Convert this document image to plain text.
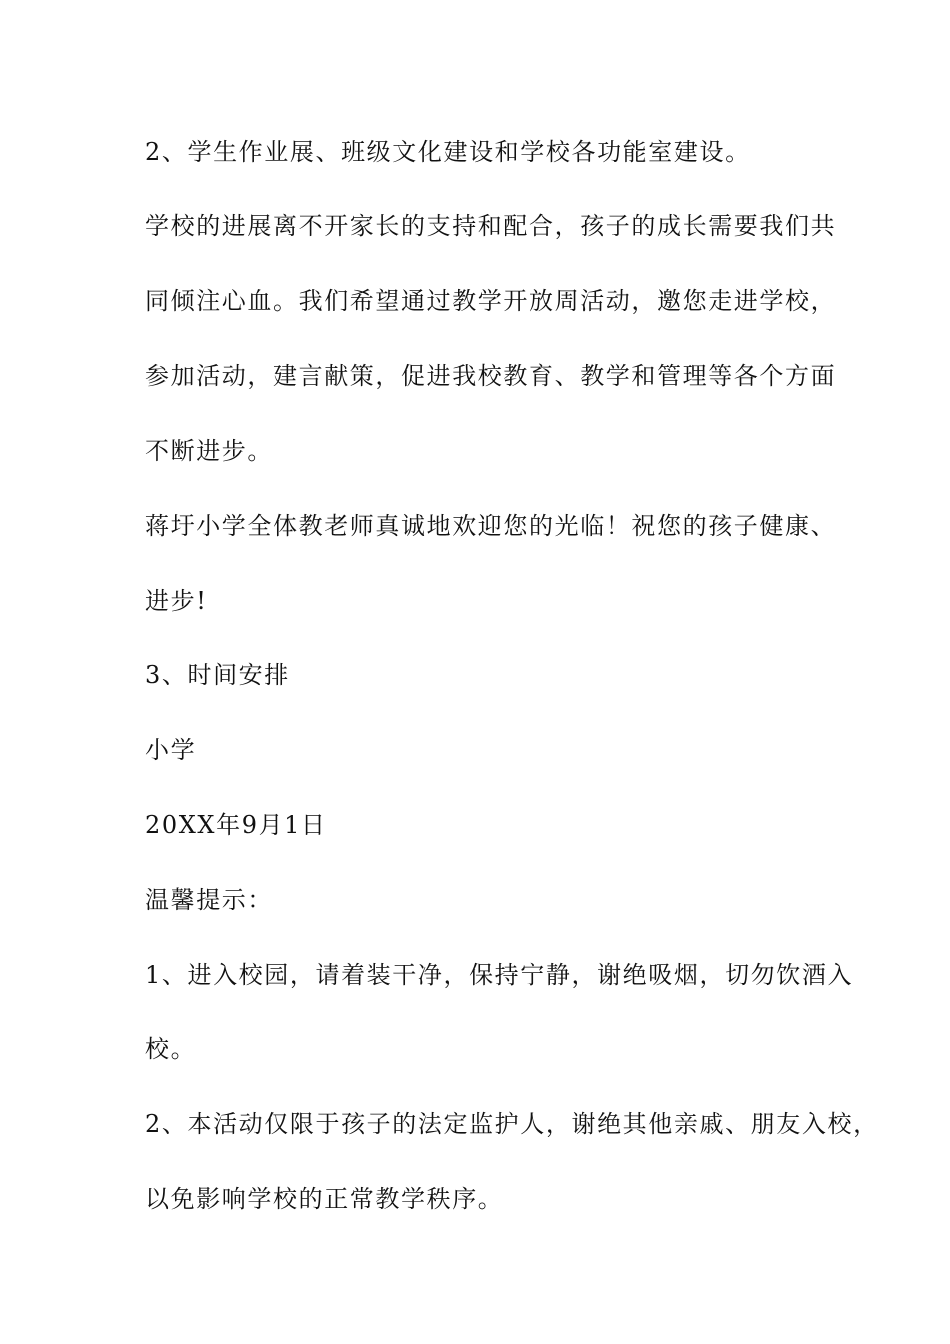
2、学生作业展、班级文化建设和学校各功能室建设。
学校的进展离不开家长的支持和配合，孩子的成长需要我们共
同倾注心血。我们希望通过教学开放周活动，邀您走进学校，
参加活动，建言献策，促进我校教育、教学和管理等各个方面
不断进步。
蒋圩小学全体教老师真诚地欢迎您的光临！祝您的孩子健康、
进步!
3、时间安排
小学
20XX年9月1日
温馨提示：
1、进入校园，请着装干净，保持宁静，谢绝吸烟，切勿饮酒入
校。
2、本活动仅限于孩子的法定监护人，谢绝其他亲戚、朋友入校，
以免影响学校的正常教学秩序。
